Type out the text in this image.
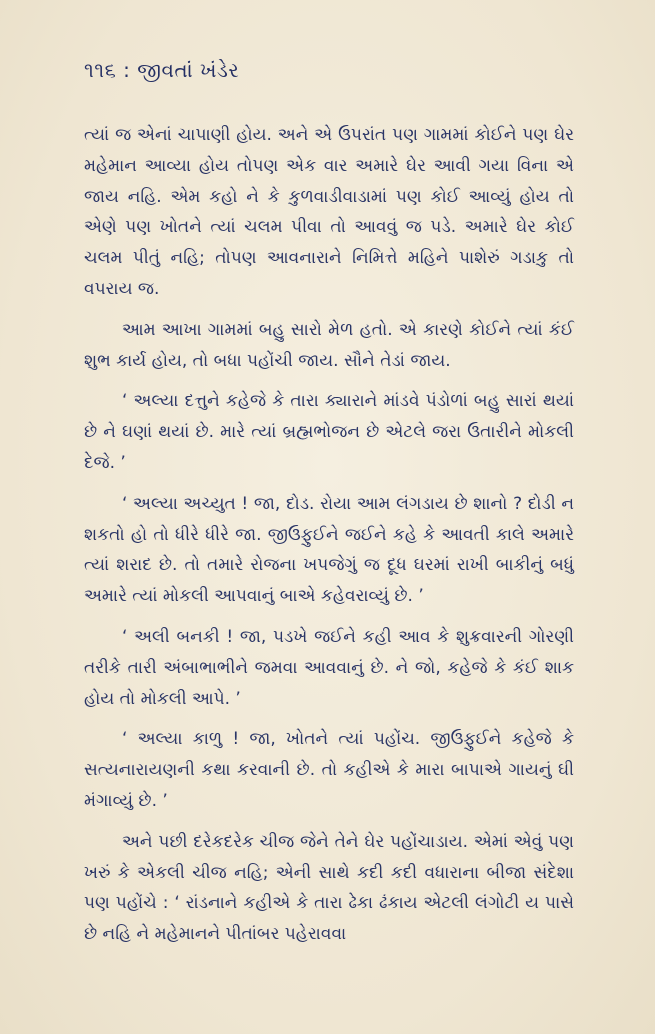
૧૧૬ : જીવતાં ખંડેર

ત્યાં જ એનાં ચાપાણી હોય. અને એ ઉપરાંત પણ ગામમાં કોઈને પણ ઘેર મહેમાન આવ્યા હોય તોપણ એક વાર અમારે ઘેર આવી ગયા વિના એ જાય નહિ. એમ કહો ને કે કુળવાડીવાડામાં પણ કોઈ આવ્યું હોય તો એણે પણ ખોતને ત્યાં ચલમ પીવા તો આવવું જ પડે. અમારે ઘેર કોઈ ચલમ પીતું નહિ; તોપણ આવનારાને નિમિત્તે મહિને પાશેરું ગડાકુ તો વપરાય જ.

આમ આખા ગામમાં બહુ સારો મેળ હતો. એ કારણે કોઈને ત્યાં કંઈ શુભ કાર્ય હોય, તો બધા પહોંચી જાય. સૌને તેડાં જાય.

‘ અલ્યા દત્તુને કહેજે કે તારા ક્યારાને માંડવે પંડોળાં બહુ સારાં થયાં છે ને ઘણાં થયાં છે. મારે ત્યાં બ્રહ્મભોજન છે એટલે જરા ઉતારીને મોકલી દેજે. ’

‘ અલ્યા અચ્યુત ! જા, દોડ. રોયા આમ લંગડાય છે શાનો ? દોડી ન શકતો હો તો ધીરે ધીરે જા. જીઉફુઈને જઈને કહે કે આવતી કાલે અમારે ત્યાં શરાદ છે. તો તમારે રોજના ખપજેગું જ દૂધ ઘરમાં રાખી બાકીનું બધું અમારે ત્યાં મોકલી આપવાનું બાએ કહેવરાવ્યું છે. ’

‘ અલી બનકી ! જા, પડખે જઈને કહી આવ કે શુક્રવારની ગોરણી તરીકે તારી અંબાભાભીને જમવા આવવાનું છે. ને જો, કહેજે કે કંઈ શાક હોય તો મોકલી આપે. ’

‘ અલ્યા કાળુ ! જા, ખોતને ત્યાં પહોંચ. જીઉફુઈને કહેજે કે સત્યનારાયણની કથા કરવાની છે. તો કહીએ કે મારા બાપાએ ગાયનું ઘી મંગાવ્યું છે. ’

અને પછી દરેકદરેક ચીજ જેને તેને ઘેર પહોંચાડાય. એમાં એવું પણ ખરું કે એકલી ચીજ નહિ; એની સાથે કદી કદી વધારાના બીજા સંદેશા પણ પહોંચે : ‘ રાંડનાને કહીએ કે તારા ઢેકા ઢંકાય એટલી લંગોટી ય પાસે છે નહિ ને મહેમાનને પીતાંબર પહેરાવવા
